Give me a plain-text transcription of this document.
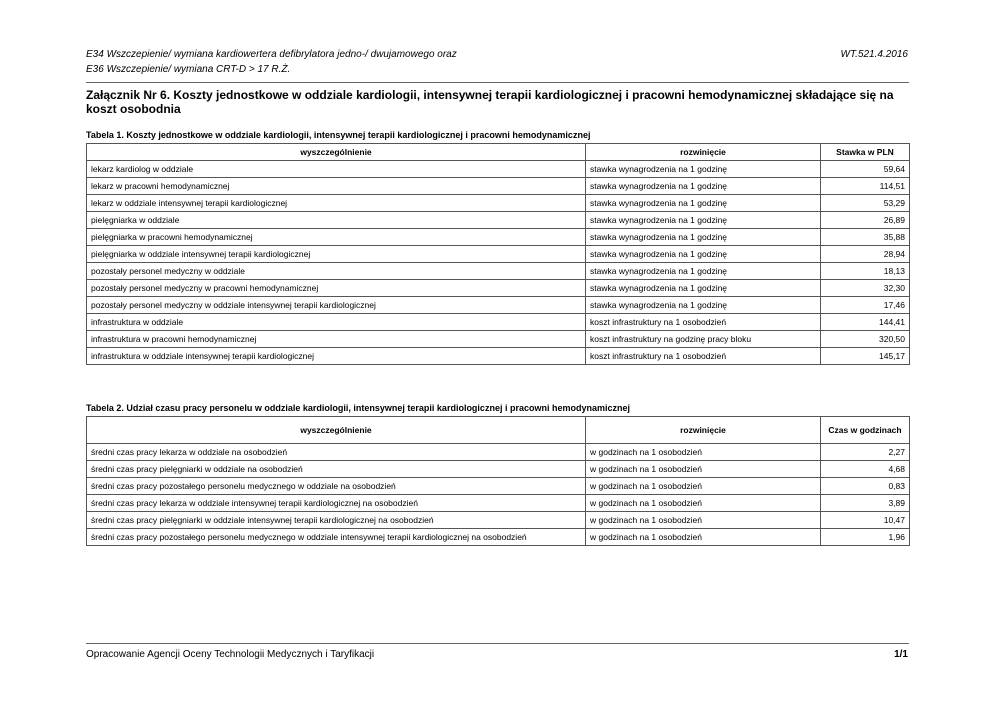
E34 Wszczepienie/ wymiana kardiowertera defibrylatora jedno-/ dwujamowego oraz
E36 Wszczepienie/ wymiana CRT-D > 17 R.Ż.
WT.521.4.2016
Załącznik Nr 6. Koszty jednostkowe w oddziale kardiologii, intensywnej terapii kardiologicznej i pracowni hemodynamicznej składające się na koszt osobodnia
Tabela 1. Koszty jednostkowe w oddziale kardiologii, intensywnej terapii kardiologicznej i pracowni hemodynamicznej
wyszczególnienie	rozwinięcie	Stawka w PLN
lekarz kardiolog w oddziale	stawka wynagrodzenia na 1 godzinę	59,64
lekarz w pracowni hemodynamicznej	stawka wynagrodzenia na 1 godzinę	114,51
lekarz w oddziale intensywnej terapii kardiologicznej	stawka wynagrodzenia na 1 godzinę	53,29
pielęgniarka w oddziale	stawka wynagrodzenia na 1 godzinę	26,89
pielęgniarka w pracowni hemodynamicznej	stawka wynagrodzenia na 1 godzinę	35,88
pielęgniarka w oddziale intensywnej terapii kardiologicznej	stawka wynagrodzenia na 1 godzinę	28,94
pozostały personel medyczny w oddziale	stawka wynagrodzenia na 1 godzinę	18,13
pozostały personel medyczny w pracowni hemodynamicznej	stawka wynagrodzenia na 1 godzinę	32,30
pozostały personel medyczny w oddziale intensywnej terapii kardiologicznej	stawka wynagrodzenia na 1 godzinę	17,46
infrastruktura w oddziale	koszt infrastruktury na 1 osobodzień	144,41
infrastruktura w pracowni hemodynamicznej	koszt infrastruktury na godzinę pracy bloku	320,50
infrastruktura w oddziale intensywnej terapii kardiologicznej	koszt infrastruktury na 1 osobodzień	145,17
Tabela 2. Udział czasu pracy personelu w oddziale kardiologii, intensywnej terapii kardiologicznej i pracowni hemodynamicznej
wyszczególnienie	rozwinięcie	Czas w godzinach
średni czas pracy lekarza w oddziale na osobodzień	w godzinach na 1 osobodzień	2,27
średni czas pracy pielęgniarki w oddziale na osobodzień	w godzinach na 1 osobodzień	4,68
średni czas pracy pozostałego personelu medycznego w oddziale na osobodzień	w godzinach na 1 osobodzień	0,83
średni czas pracy lekarza w oddziale intensywnej terapii kardiologicznej na osobodzień	w godzinach na 1 osobodzień	3,89
średni czas pracy pielęgniarki w oddziale intensywnej terapii kardiologicznej na osobodzień	w godzinach na 1 osobodzień	10,47
średni czas pracy pozostałego personelu medycznego w oddziale intensywnej terapii kardiologicznej na osobodzień	w godzinach na 1 osobodzień	1,96
Opracowanie Agencji Oceny Technologii Medycznych i Taryfikacji	1/1
